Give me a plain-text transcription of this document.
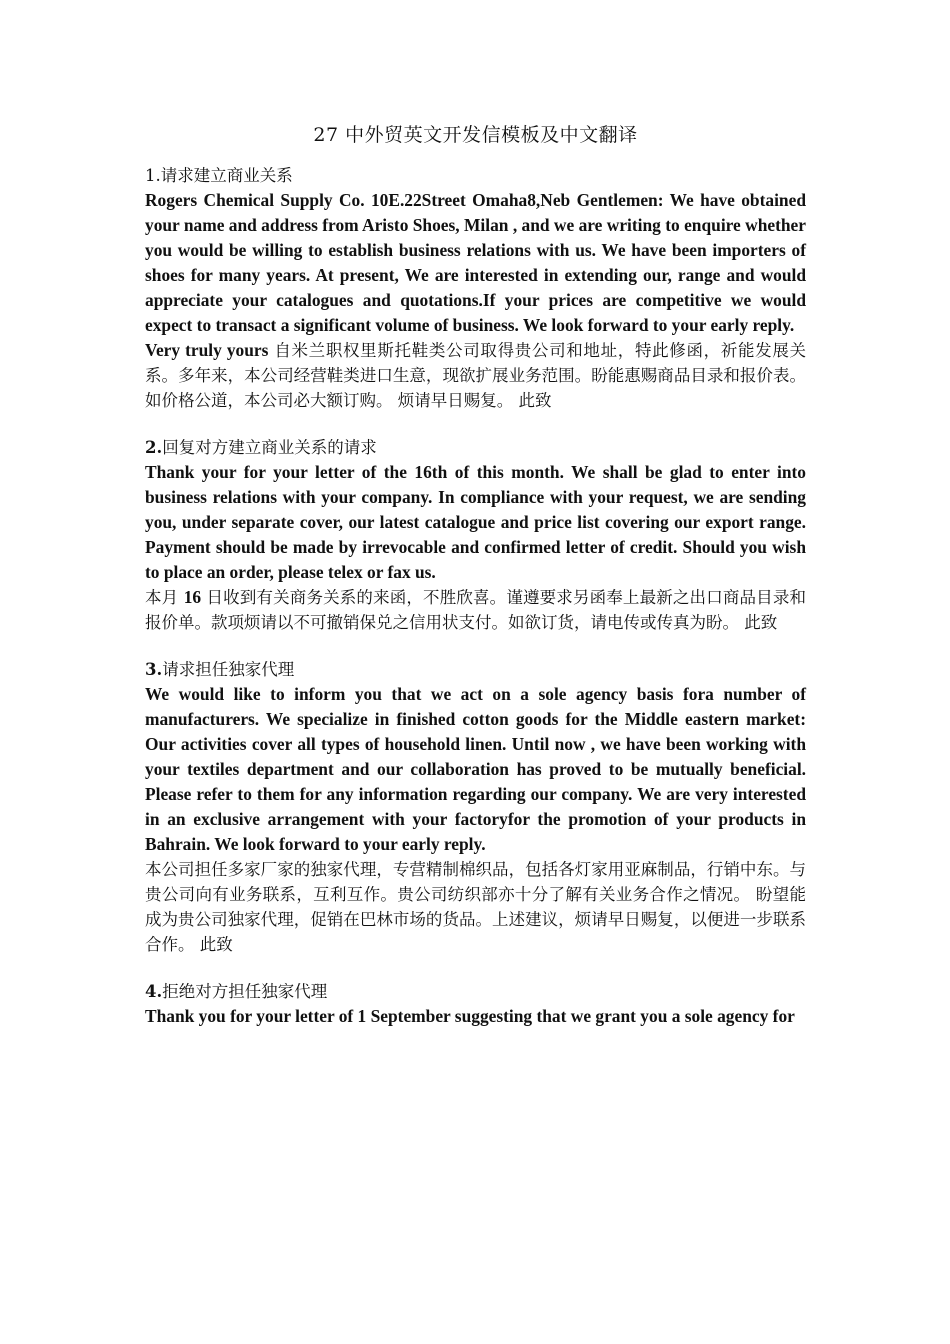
27 中外贸英文开发信模板及中文翻译
1.请求建立商业关系

Rogers Chemical Supply Co. 10E.22Street Omaha8,Neb Gentlemen: We have obtained your name and address from Aristo Shoes, Milan , and we are writing to enquire whether you would be willing to establish business relations with us. We have been importers of shoes for many years. At present, We are interested in extending our, range and would appreciate your catalogues and quotations.If your prices are competitive we would expect to transact a significant volume of business. We look forward to your early reply.

Very truly yours 自米兰职权里斯托鞋类公司取得贵公司和地址，特此修函，祈能发展关系。多年来，本公司经营鞋类进口生意，现欲扩展业务范围。盼能惠赐商品目录和报价表。 如价格公道，本公司必大额订购。 烦请早日赐复。 此致

2.回复对方建立商业关系的请求

Thank your for your letter of the 16th of this month. We shall be glad to enter into business relations with your company. In compliance with your request, we are sending you, under separate cover, our latest catalogue and price list covering our export range. Payment should be made by irrevocable and confirmed letter of credit. Should you wish to place an order, please telex or fax us.

本月 16 日收到有关商务关系的来函，不胜欣喜。谨遵要求另函奉上最新之出口商品目录和报价单。款项烦请以不可撤销保兑之信用状支付。如欲订货，请电传或传真为盼。 此致

3.请求担任独家代理

We would like to inform you that we act on a sole agency basis fora number of manufacturers. We specialize in finished cotton goods for the Middle eastern market: Our activities cover all types of household linen. Until now , we have been working with your textiles department and our collaboration has proved to be mutually beneficial. Please refer to them for any information regarding our company. We are very interested in an exclusive arrangement with your factoryfor the promotion of your products in Bahrain. We look forward to your early reply.

本公司担任多家厂家的独家代理，专营精制棉织品，包括各灯家用亚麻制品，行销中东。与贵公司向有业务联系，互利互作。贵公司纺织部亦十分了解有关业务合作之情况。 盼望能成为贵公司独家代理，促销在巴林市场的货品。上述建议，烦请早日赐复，以便进一步联系合作。 此致

4.拒绝对方担任独家代理

Thank you for your letter of 1 September suggesting that we grant you a sole agency for
